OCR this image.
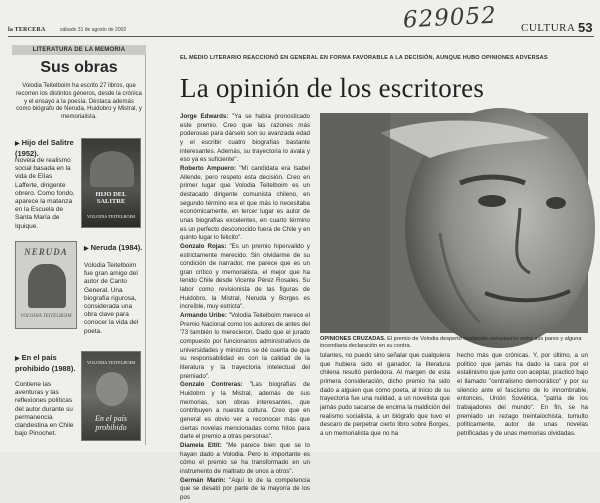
la TERCERA	sábado 31 de agosto de 2002	629052 CULTURA 53
LITERATURA DE LA MEMORIA
Sus obras
Volodia Teitelboim ha escrito 27 libros, que recorren los distintos géneros, desde la crónica y el ensayo a la poesía. Destaca además como biógrafo de Neruda, Huidobro y Mistral, y memorialista.
▶ Hijo del Salitre (1952).
Novela de realismo social basada en la vida de Elías Lafferte, dirigente obrero. Como fondo, aparece la matanza en la Escuela de Santa María de Iquique.
HIJO DEL SALITRE
VOLODIA TEITELBOIM
NERUDA
VOLODIA TEITELBOIM
▶ Neruda (1984).
Volodia Teitelboim fue gran amigo del autor de Canto General. Una biografía rigurosa, considerada una obra clave para conocer la vida del poeta.
▶ En el país prohibido (1988).
Contiene las aventuras y las reflexiones políticas del autor durante su permanencia clandestina en Chile bajo Pinochet.
VOLODIA TEITELBOIM
En el país prohibido
EL MEDIO LITERARIO REACCIONÓ EN GENERAL EN FORMA FAVORABLE A LA DECISIÓN, AUNQUE HUBO OPINIONES ADVERSAS
La opinión de los escritores

Jorge Edwards: "Ya se había pronosticado este premio. Creo que las razones más poderosas para dárselo son su avanzada edad y el escribir cuatro biografías bastante interesantes. Además, su trayectoria lo avala y eso ya es suficiente".

Roberto Ampuero: "Mi candidata era Isabel Allende, pero respeto esta decisión. Creo en primer lugar que Volodia Teitelboim es un destacado dirigente comunista chileno, en segundo término era el que más lo necesitaba económicamente, en tercer lugar es autor de unas biografías excelentes, en cuarto término es un perfecto desconocido fuera de Chile y en quinto lugar lo felicito".

Gonzalo Rojas: "Es un premio hipervalido y estrictamente merecido. Sin olvidarme de su condición de narrador, me parece que es un gran crítico y memorialista, el mejor que ha tenido Chile desde Vicente Pérez Rosales. Su labor como revisionista de las figuras de Huidobro, la Mistral, Neruda y Borges es increíble, muy estricta".

Armando Uribe: "Volodia Teitelboim merece el Premio Nacional como los autores de antes del '73 también lo merecieron. Dado que el jurado compuesto por funcionarios administrativos de universidades y ministros se dé cuenta de que su responsabilidad es con la calidad de la literatura y la trayectoria intelectual del premiado".

Gonzalo Contreras: "Las biografías de Huidobro y la Mistral, además de sus memorias, son obras interesantes, que contribuyen a nuestra cultura. Creo que en general es obvio ver a reconocer más que ciertas novelas mencionadas como hitos para darle el premio a otras personas".

Diamela Eltit: "Me parece bien que se lo hayan dado a Volodia. Pero lo importante es cómo el premio se ha transformado en un instrumento de maltrato de unos a otros".

Germán Marín: "Aquí lo de la competencia que se desató por parte de la mayoría de los pos

OPINIONES CRUZADAS. El premio de Volodia despertó moderado entusiasmo entre sus pares y alguna incendiaria declaración en su contra.
tulantes, no puedo sino señalar que cualquiera que hubiera sido el ganador, la literatura chilena resultó perdedora. Al margen de esta primera consideración, dicho premio ha sido dado a alguien que como poeta, al inicio de su trayectoria fue una nulidad, a un novelista que jamás pudo sacarse de encima la maldición del realismo socialista, a un biógrafo que tuvo el descaro de perpetrar cierto libro sobre Borges, a un memorialista que no ha
hecho más que crónicas. Y, por último, a un político que jamás ha dado la cara por el estalinismo que junto con aceptar, practicó bajo el llamado "centralismo democrático" y por su silencio ante el fascismo de lo innombrable, entonces, Unión Soviética, "patria de los trabajadores del mundo". En fin, se ha premiado un rezago treintaiochista, tumulto políticamente, autor de unas novelas petrificadas y de unas memorias olvidadas.
